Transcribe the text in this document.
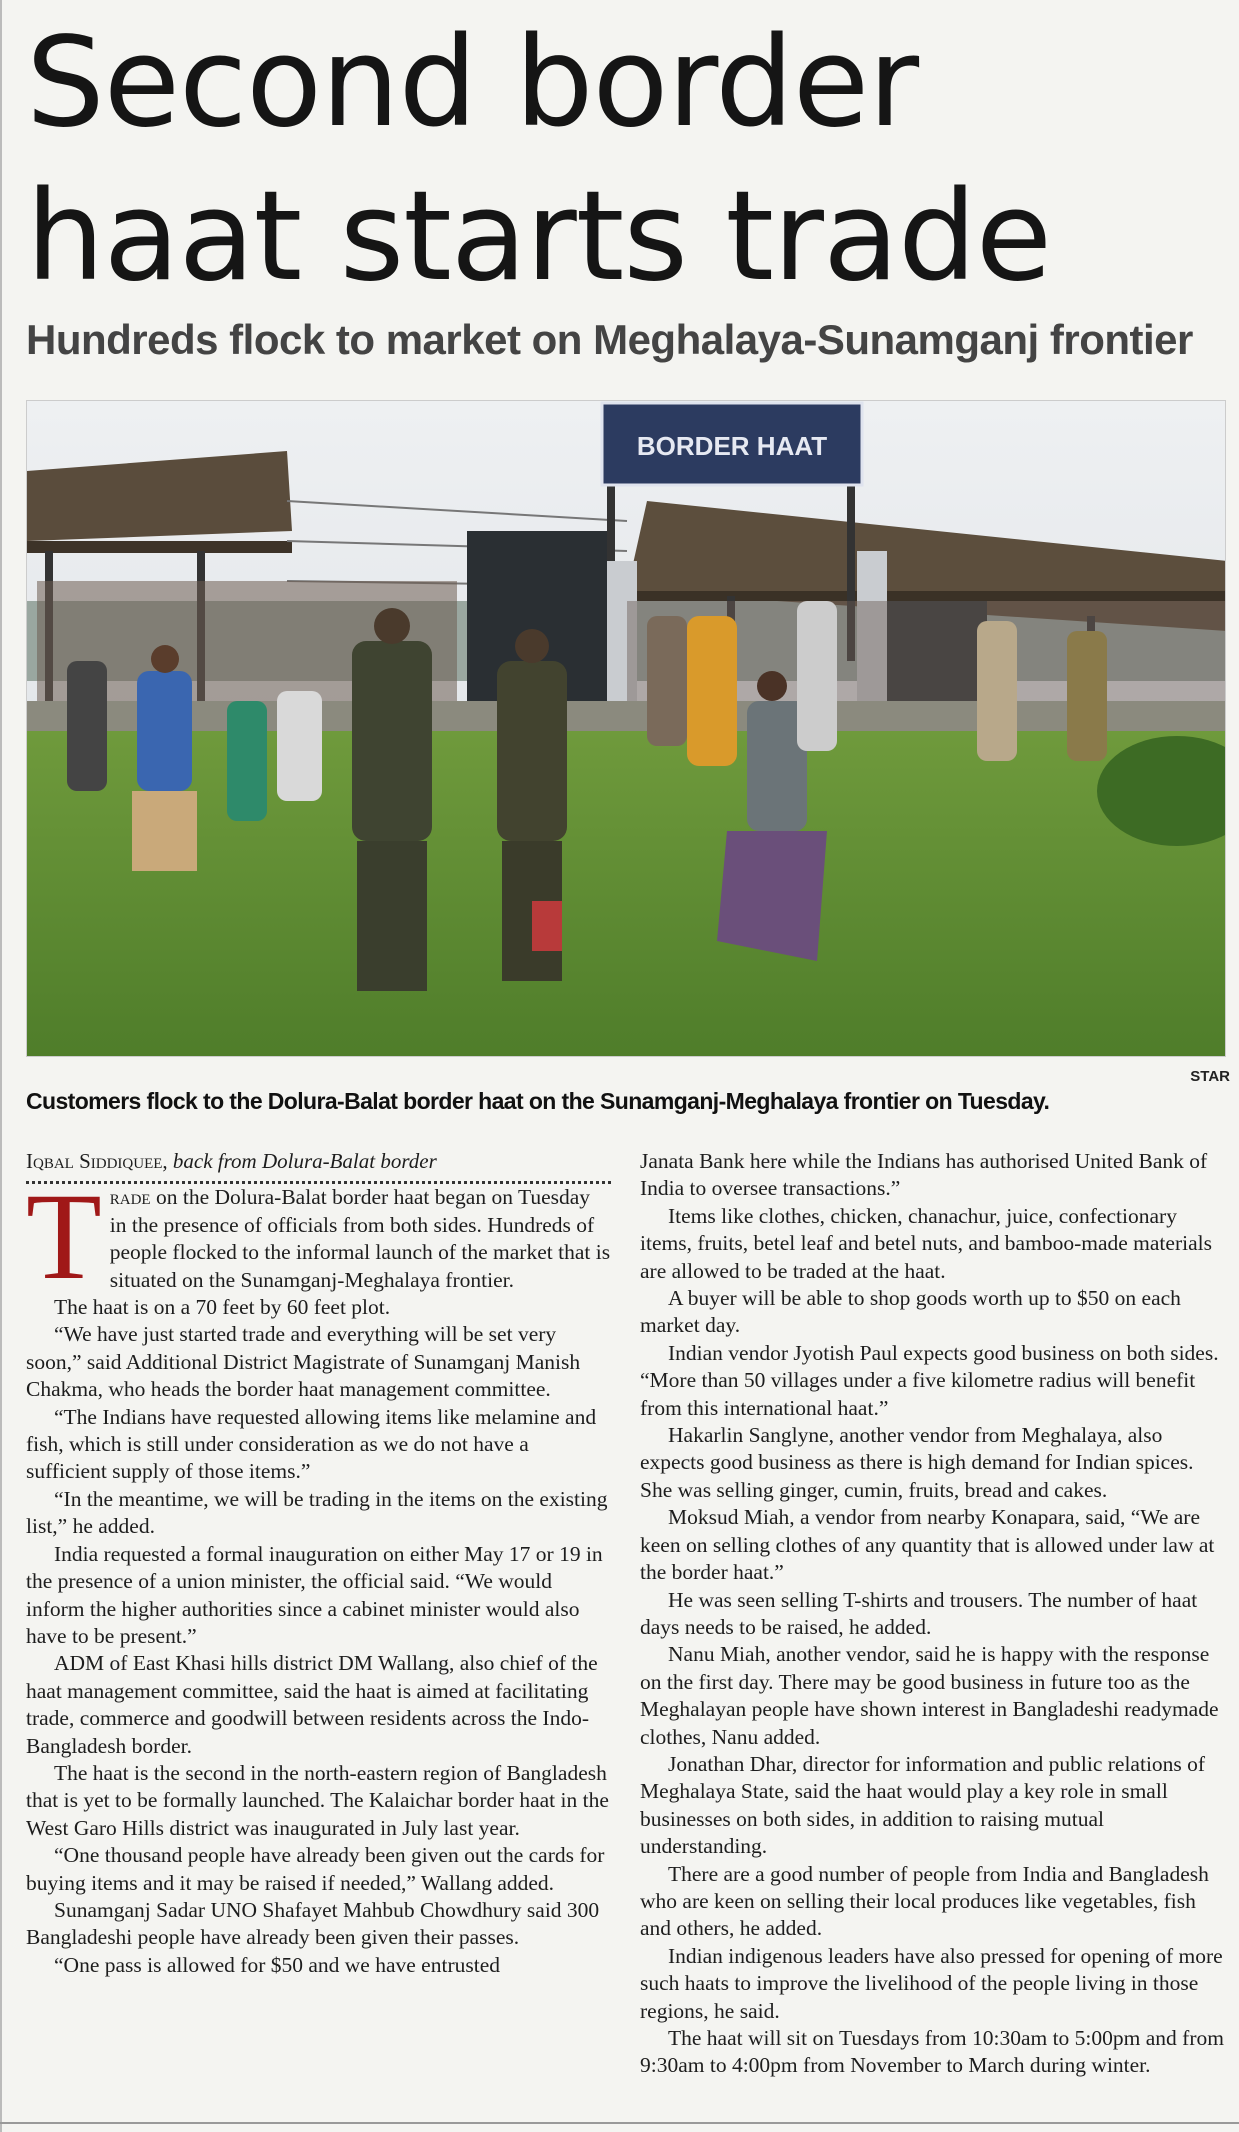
Second border haat starts trade
Hundreds flock to market on Meghalaya-Sunamganj frontier
BORDER HAAT
STAR
Customers flock to the Dolura-Balat border haat on the Sunamganj-Meghalaya frontier on Tuesday.

Iqbal Siddiquee, back from Dolura-Balat border

Trade on the Dolura-Balat border haat began on Tuesday in the presence of officials from both sides. Hundreds of people flocked to the informal launch of the market that is situated on the Sunamganj-Meghalaya frontier.

The haat is on a 70 feet by 60 feet plot.

“We have just started trade and everything will be set very soon,” said Additional District Magistrate of Sunamganj Manish Chakma, who heads the border haat management committee.

“The Indians have requested allowing items like melamine and fish, which is still under consideration as we do not have a sufficient supply of those items.”

“In the meantime, we will be trading in the items on the existing list,” he added.

India requested a formal inauguration on either May 17 or 19 in the presence of a union minister, the official said. “We would inform the higher authorities since a cabinet minister would also have to be present.”

ADM of East Khasi hills district DM Wallang, also chief of the haat management committee, said the haat is aimed at facilitating trade, commerce and goodwill between residents across the Indo-Bangladesh border.

The haat is the second in the north-eastern region of Bangladesh that is yet to be formally launched. The Kalaichar border haat in the West Garo Hills district was inaugurated in July last year.

“One thousand people have already been given out the cards for buying items and it may be raised if needed,” Wallang added.

Sunamganj Sadar UNO Shafayet Mahbub Chowdhury said 300 Bangladeshi people have already been given their passes.

“One pass is allowed for $50 and we have entrusted

Janata Bank here while the Indians has authorised United Bank of India to oversee transactions.”

Items like clothes, chicken, chanachur, juice, confectionary items, fruits, betel leaf and betel nuts, and bamboo-made materials are allowed to be traded at the haat.

A buyer will be able to shop goods worth up to $50 on each market day.

Indian vendor Jyotish Paul expects good business on both sides. “More than 50 villages under a five kilometre radius will benefit from this international haat.”

Hakarlin Sanglyne, another vendor from Meghalaya, also expects good business as there is high demand for Indian spices. She was selling ginger, cumin, fruits, bread and cakes.

Moksud Miah, a vendor from nearby Konapara, said, “We are keen on selling clothes of any quantity that is allowed under law at the border haat.”

He was seen selling T-shirts and trousers. The number of haat days needs to be raised, he added.

Nanu Miah, another vendor, said he is happy with the response on the first day. There may be good business in future too as the Meghalayan people have shown interest in Bangladeshi readymade clothes, Nanu added.

Jonathan Dhar, director for information and public relations of Meghalaya State, said the haat would play a key role in small businesses on both sides, in addition to raising mutual understanding.

There are a good number of people from India and Bangladesh who are keen on selling their local produces like vegetables, fish and others, he added.

Indian indigenous leaders have also pressed for opening of more such haats to improve the livelihood of the people living in those regions, he said.

The haat will sit on Tuesdays from 10:30am to 5:00pm and from 9:30am to 4:00pm from November to March during winter.
